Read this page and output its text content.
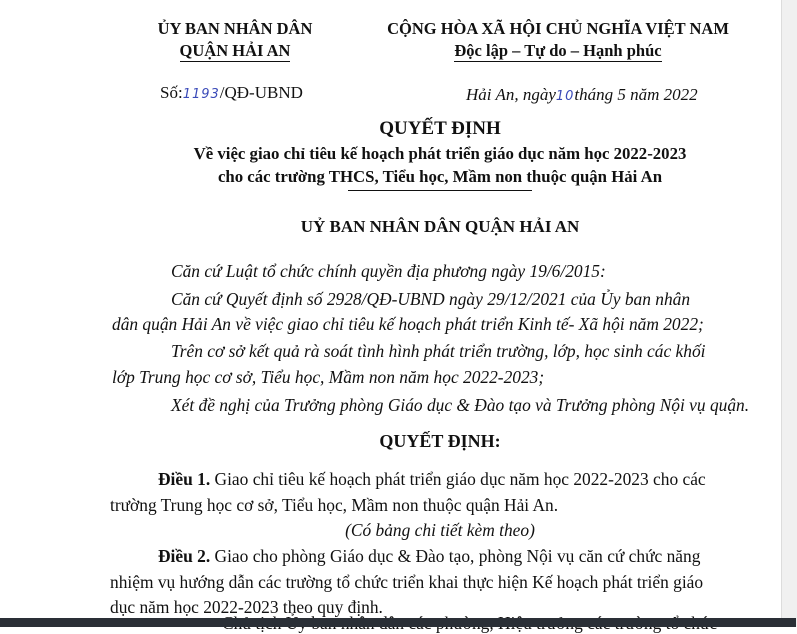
ỦY BAN NHÂN DÂN
QUẬN HẢI AN
CỘNG HÒA XÃ HỘI CHỦ NGHĨA VIỆT NAM
Độc lập – Tự do – Hạnh phúc
Số:1193/QĐ-UBND	Hải An, ngày10tháng 5 năm 2022
QUYẾT ĐỊNH
Về việc giao chỉ tiêu kế hoạch phát triển giáo dục năm học 2022-2023
cho các trường THCS, Tiểu học, Mầm non thuộc quận Hải An
UỶ BAN NHÂN DÂN QUẬN HẢI AN
Căn cứ Luật tổ chức chính quyền địa phương ngày 19/6/2015:
Căn cứ Quyết định số 2928/QĐ-UBND ngày 29/12/2021 của Ủy ban nhân
dân quận Hải An về việc giao chỉ tiêu kế hoạch phát triển Kinh tế- Xã hội năm 2022;
Trên cơ sở kết quả rà soát tình hình phát triển trường, lớp, học sinh các khối
lớp Trung học cơ sở, Tiểu học, Mầm non năm học 2022-2023;
Xét đề nghị của Trưởng phòng Giáo dục & Đào tạo và Trưởng phòng Nội vụ quận.
QUYẾT ĐỊNH:
Điều 1. Giao chỉ tiêu kế hoạch phát triển giáo dục năm học 2022-2023 cho các
trường Trung học cơ sở, Tiểu học, Mầm non thuộc quận Hải An.
(Có bảng chi tiết kèm theo)
Điều 2. Giao cho phòng Giáo dục & Đào tạo, phòng Nội vụ căn cứ chức năng
nhiệm vụ hướng dẫn các trường tổ chức triển khai thực hiện Kế hoạch phát triển giáo
dục năm học 2022-2023 theo quy định.
